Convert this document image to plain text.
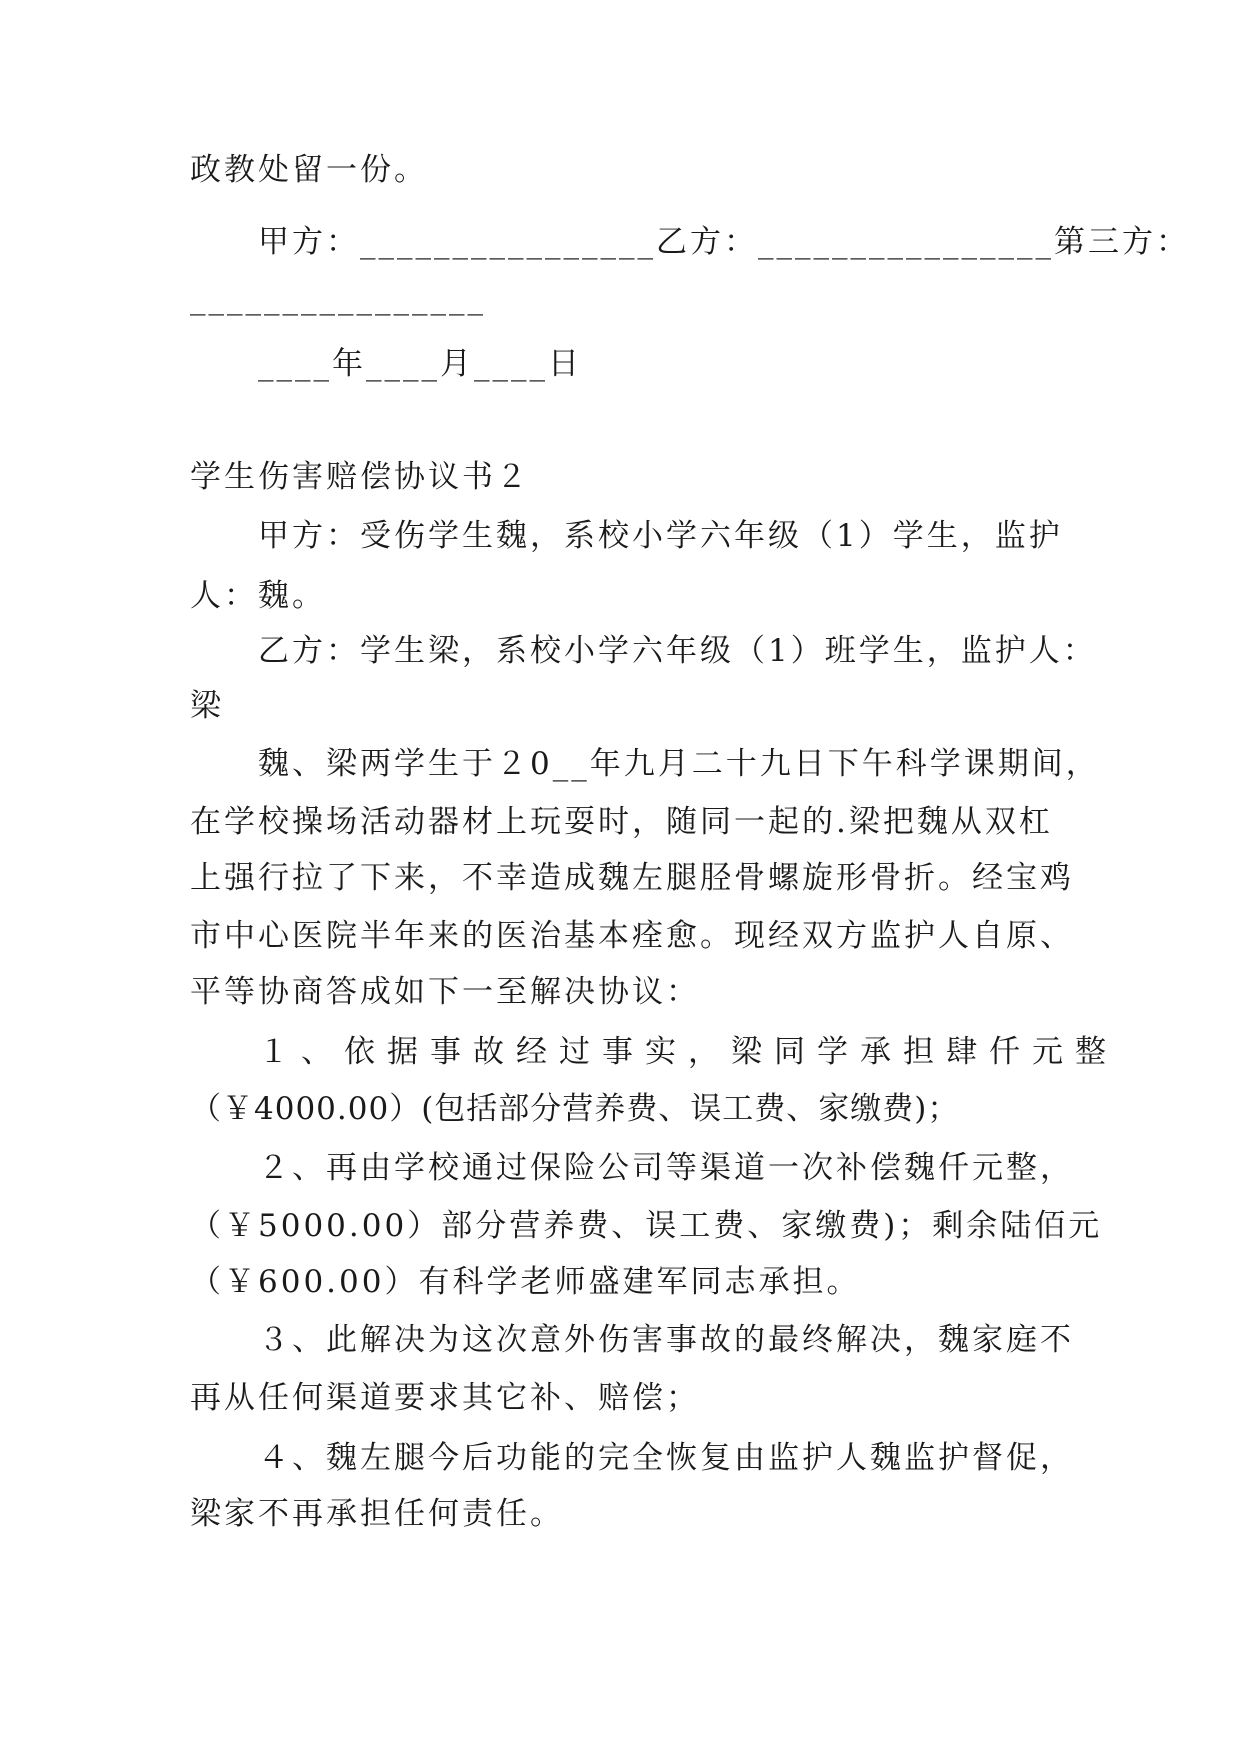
政教处留一份。
甲方：________________乙方：________________第三方：
________________
____年____月____日
学生伤害赔偿协议书２
甲方：受伤学生魏，系校小学六年级（1）学生，监护
人：魏。
乙方：学生梁，系校小学六年级（1）班学生，监护人：
梁
魏、梁两学生于２0__年九月二十九日下午科学课期间，
在学校操场活动器材上玩耍时，随同一起的.梁把魏从双杠
上强行拉了下来，不幸造成魏左腿胫骨螺旋形骨折。经宝鸡
市中心医院半年来的医治基本痊愈。现经双方监护人自原、
平等协商答成如下一至解决协议：
１、依据事故经过事实，梁同学承担肆仟元整
（￥4000.00）(包括部分营养费、误工费、家缴费)；
２、再由学校通过保险公司等渠道一次补偿魏仟元整，
（￥5000.00）部分营养费、误工费、家缴费)；剩余陆佰元
（￥600.00）有科学老师盛建军同志承担。
３、此解决为这次意外伤害事故的最终解决，魏家庭不
再从任何渠道要求其它补、赔偿；
４、魏左腿今后功能的完全恢复由监护人魏监护督促，
梁家不再承担任何责任。
